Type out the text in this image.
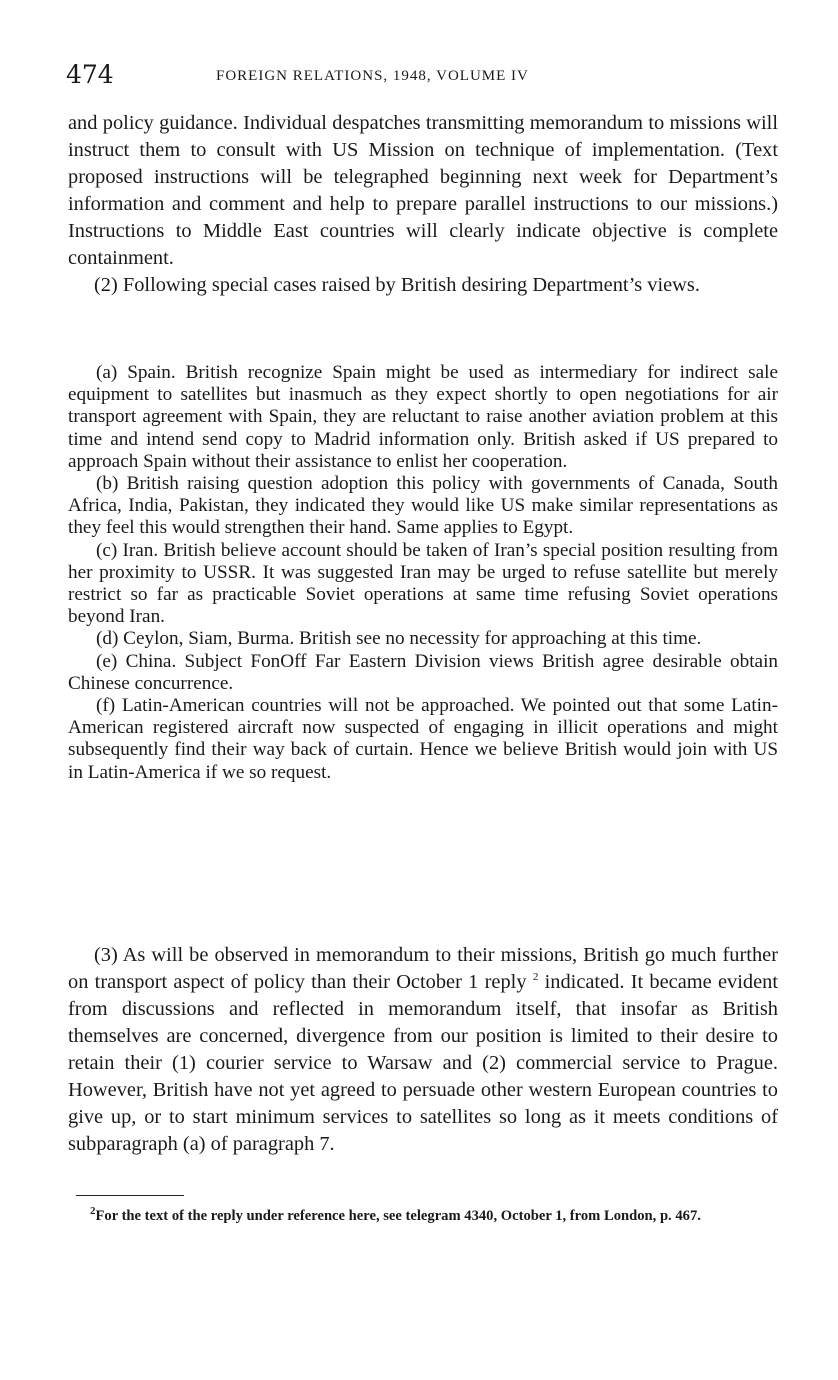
474	FOREIGN RELATIONS, 1948, VOLUME IV

and policy guidance. Individual despatches transmitting memorandum to missions will instruct them to consult with US Mission on technique of implementation. (Text proposed instructions will be telegraphed beginning next week for Department’s information and comment and help to prepare parallel instructions to our missions.) Instructions to Middle East countries will clearly indicate objective is complete containment.

(2) Following special cases raised by British desiring Department’s views.

(a) Spain. British recognize Spain might be used as intermediary for indirect sale equipment to satellites but inasmuch as they expect shortly to open negotiations for air transport agreement with Spain, they are reluctant to raise another aviation problem at this time and intend send copy to Madrid information only. British asked if US prepared to approach Spain without their assistance to enlist her cooperation.

(b) British raising question adoption this policy with governments of Canada, South Africa, India, Pakistan, they indicated they would like US make similar representations as they feel this would strengthen their hand. Same applies to Egypt.

(c) Iran. British believe account should be taken of Iran’s special position resulting from her proximity to USSR. It was suggested Iran may be urged to refuse satellite but merely restrict so far as practicable Soviet operations at same time refusing Soviet operations beyond Iran.

(d) Ceylon, Siam, Burma. British see no necessity for approaching at this time.

(e) China. Subject FonOff Far Eastern Division views British agree desirable obtain Chinese concurrence.

(f) Latin-American countries will not be approached. We pointed out that some Latin-American registered aircraft now suspected of engaging in illicit operations and might subsequently find their way back of curtain. Hence we believe British would join with US in Latin-America if we so request.

(3) As will be observed in memorandum to their missions, British go much further on transport aspect of policy than their October 1 reply $^2$ indicated. It became evident from discussions and reflected in memorandum itself, that insofar as British themselves are concerned, divergence from our position is limited to their desire to retain their (1) courier service to Warsaw and (2) commercial service to Prague. However, British have not yet agreed to persuade other western European countries to give up, or to start minimum services to satellites so long as it meets conditions of subparagraph (a) of paragraph 7.

$^2$For the text of the reply under reference here, see telegram 4340, October 1, from London, p. 467.
